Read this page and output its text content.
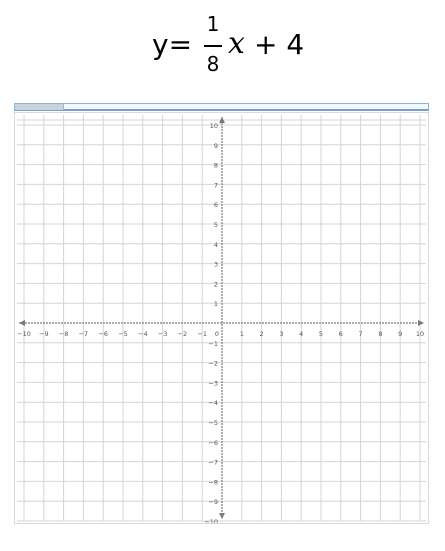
y=
1
8
x + 4
−10 −9 −8 −7 −6 −5 −4 −3 −2 −1 0	1 2 3 4 5 6 7 8 9 10
1
2
3
4
5
6
7
8
9
10
−1
−2
−3
−4
−5
−6
−7
−8
−9
−10
